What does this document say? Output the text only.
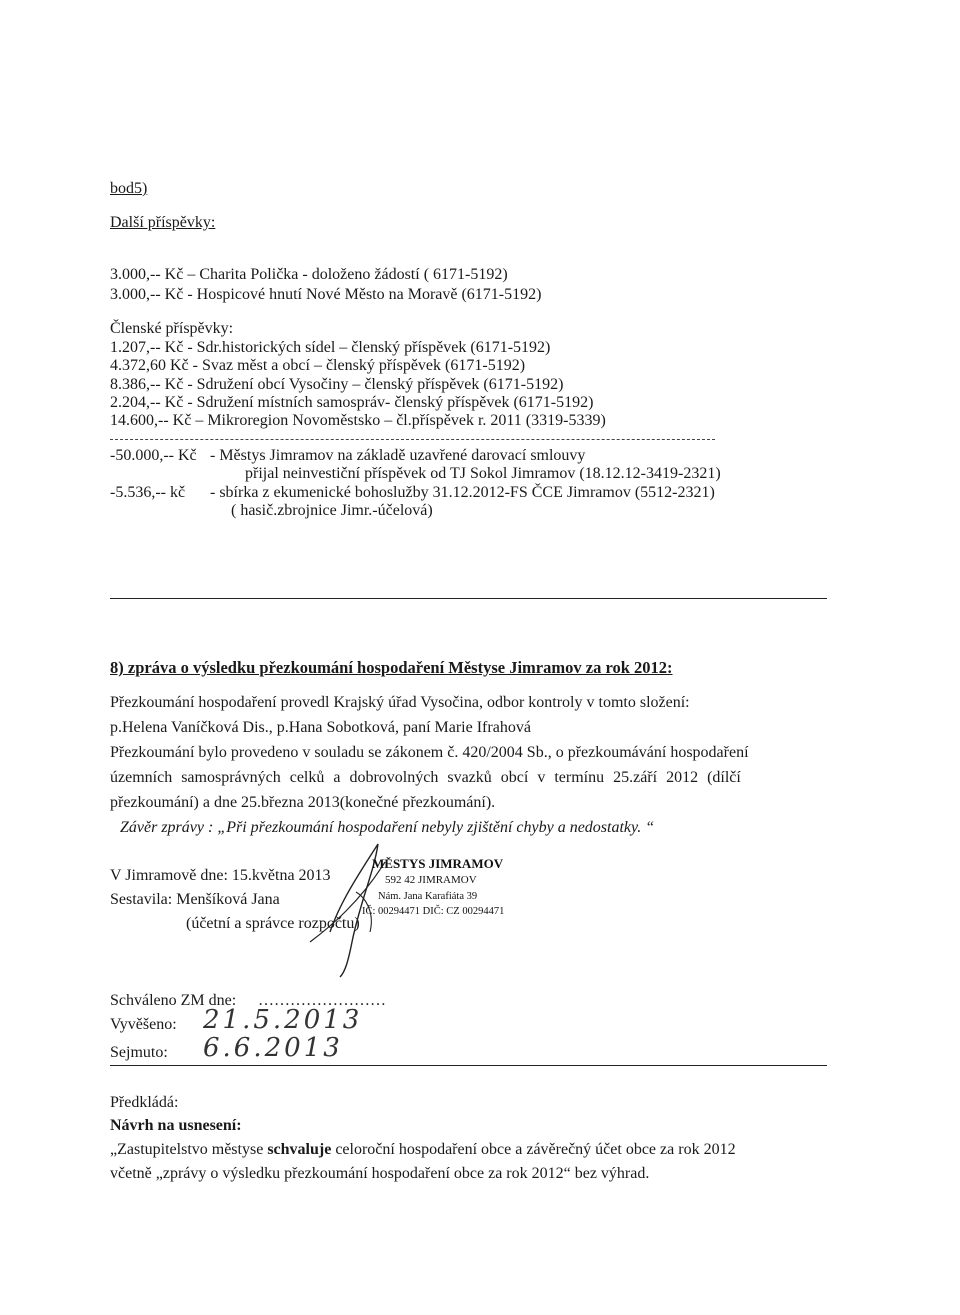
bod5)
Další příspěvky:
3.000,-- Kč – Charita Polička - doloženo žádostí ( 6171-5192)
3.000,-- Kč - Hospicové hnutí Nové Město na Moravě (6171-5192)
Členské příspěvky:
1.207,-- Kč - Sdr.historických sídel – členský příspěvek (6171-5192)
4.372,60 Kč - Svaz měst a obcí – členský příspěvek (6171-5192)
8.386,-- Kč - Sdružení obcí Vysočiny – členský příspěvek (6171-5192)
2.204,-- Kč - Sdružení místních samospráv- členský příspěvek (6171-5192)
14.600,-- Kč – Mikroregion Novoměstsko – čl.příspěvek r. 2011 (3319-5339)
-50.000,-- Kč - Městys Jimramov na základě uzavřené darovací smlouvy
přijal neinvestiční příspěvek od TJ Sokol Jimramov (18.12.12-3419-2321)
-5.536,-- kč - sbírka z ekumenické bohoslužby 31.12.2012-FS ČCE Jimramov (5512-2321)
( hasič.zbrojnice Jimr.-účelová)
8) zpráva o výsledku přezkoumání hospodaření Městyse Jimramov za rok 2012:
Přezkoumání hospodaření provedl Krajský úřad Vysočina, odbor kontroly v tomto složení:
p.Helena Vaníčková Dis., p.Hana Sobotková, paní Marie Ifrahová
Přezkoumání bylo provedeno v souladu se zákonem č. 420/2004 Sb., o přezkoumávání hospodaření
územních samosprávných celků a dobrovolných svazků obcí v termínu 25.září 2012 (dílčí
přezkoumání) a dne 25.března 2013(konečné přezkoumání).
Závěr zprávy : „Při přezkoumání hospodaření nebyly zjištění chyby a nedostatky. “
V Jimramově dne: 15.května 2013
Sestavila: Menšíková Jana
(účetní a správce rozpočtu)
MĚSTYS JIMRAMOV
592 42 JIMRAMOV
Nám. Jana Karafiáta 39
IČ: 00294471 DIČ: CZ 00294471
Schváleno ZM dne: ……………………
Vyvěšeno: 21.5.2013
Sejmuto: 6.6.2013
Předkládá:
Návrh na usnesení:
„Zastupitelstvo městyse schvaluje celoroční hospodaření obce a závěrečný účet obce za rok 2012
včetně „zprávy o výsledku přezkoumání hospodaření obce za rok 2012“ bez výhrad.
